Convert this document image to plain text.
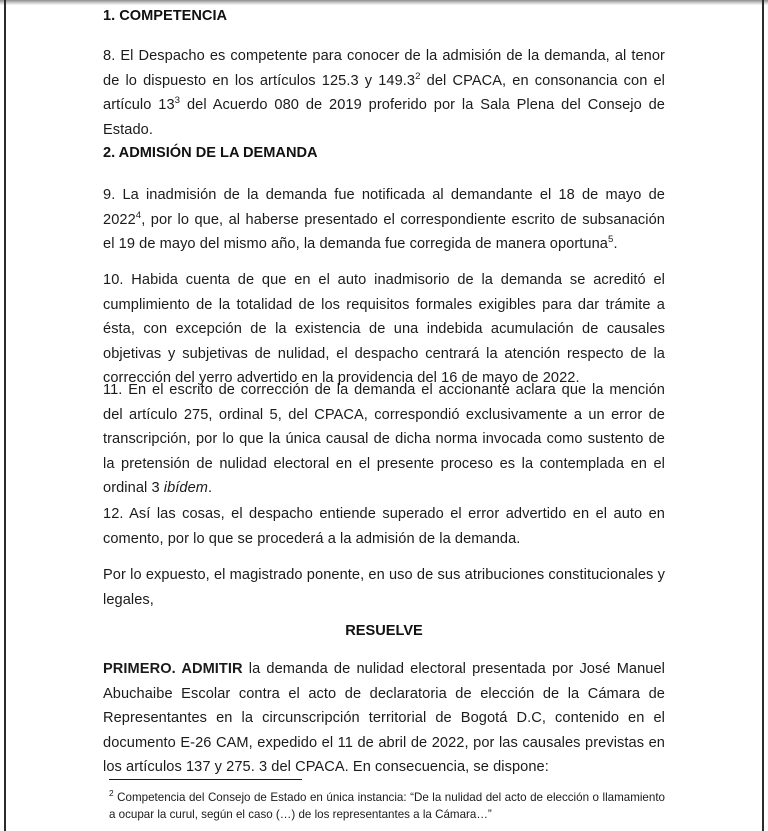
1. COMPETENCIA

8. El Despacho es competente para conocer de la admisión de la demanda, al tenor de lo dispuesto en los artículos 125.3 y 149.3$^2$ del CPACA, en consonancia con el artículo $13^3$ del Acuerdo 080 de 2019 proferido por la Sala Plena del Consejo de Estado.

2. ADMISIÓN DE LA DEMANDA

9. La inadmisión de la demanda fue notificada al demandante el 18 de mayo de 2022$^4$, por lo que, al haberse presentado el correspondiente escrito de subsanación el 19 de mayo del mismo año, la demanda fue corregida de manera oportuna$^5$.

10. Habida cuenta de que en el auto inadmisorio de la demanda se acreditó el cumplimiento de la totalidad de los requisitos formales exigibles para dar trámite a ésta, con excepción de la existencia de una indebida acumulación de causales objetivas y subjetivas de nulidad, el despacho centrará la atención respecto de la corrección del yerro advertido en la providencia del 16 de mayo de 2022.

11. En el escrito de corrección de la demanda el accionante aclara que la mención del artículo 275, ordinal 5, del CPACA, correspondió exclusivamente a un error de transcripción, por lo que la única causal de dicha norma invocada como sustento de la pretensión de nulidad electoral en el presente proceso es la contemplada en el ordinal 3 ibídem.

12. Así las cosas, el despacho entiende superado el error advertido en el auto en comento, por lo que se procederá a la admisión de la demanda.

Por lo expuesto, el magistrado ponente, en uso de sus atribuciones constitucionales y legales,

RESUELVE

PRIMERO. ADMITIR la demanda de nulidad electoral presentada por José Manuel Abuchaibe Escolar contra el acto de declaratoria de elección de la Cámara de Representantes en la circunscripción territorial de Bogotá D.C, contenido en el documento E-26 CAM, expedido el 11 de abril de 2022, por las causales previstas en los artículos 137 y 275. 3 del CPACA. En consecuencia, se dispone:

$^2$ Competencia del Consejo de Estado en única instancia: “De la nulidad del acto de elección o llamamiento a ocupar la curul, según el caso (…) de los representantes a la Cámara…”
